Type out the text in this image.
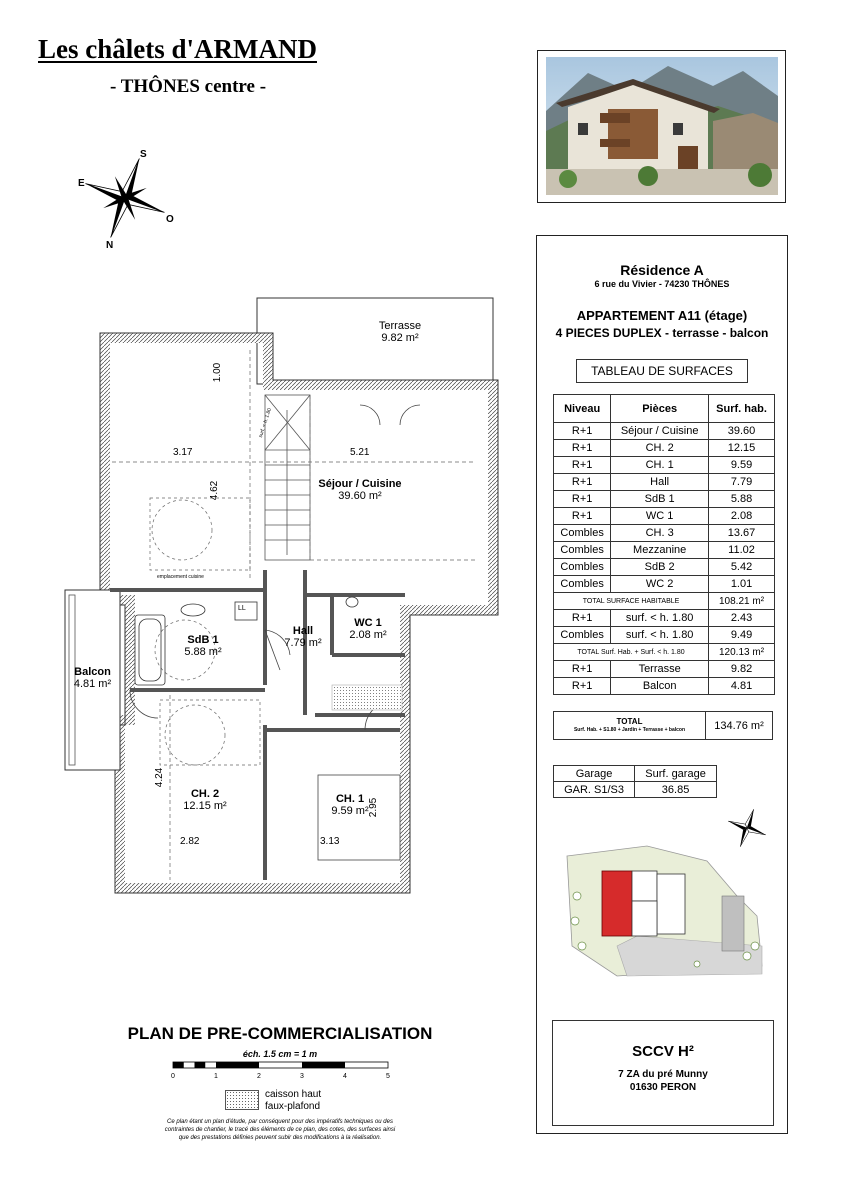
Les châlets d'ARMAND
- THÔNES centre -
S
E
O
N
Terrasse
9.82 m²
Séjour / Cuisine
39.60 m²
SdB 1
5.88 m²
Hall
7.79 m²
WC 1
2.08 m²
Balcon
4.81 m²
CH. 2
12.15 m²
CH. 1
9.59 m²
1.00
3.17	5.21
4.62
4.24
2.82	3.13
2.95
emplacement cuisine
LL
surf. < h. 1.80
Résidence A
6 rue du Vivier - 74230 THÔNES
APPARTEMENT A11 (étage)
4 PIECES DUPLEX - terrasse - balcon
TABLEAU DE SURFACES
Niveau	Pièces	Surf. hab.
R+1	Séjour / Cuisine	39.60
R+1	CH. 2	12.15
R+1	CH. 1	9.59
R+1	Hall	7.79
R+1	SdB 1	5.88
R+1	WC 1	2.08
Combles	CH. 3	13.67
Combles	Mezzanine	11.02
Combles	SdB 2	5.42
Combles	WC 2	1.01
TOTAL SURFACE HABITABLE		108.21 m²
R+1	surf. < h. 1.80	2.43
Combles	surf. < h. 1.80	9.49
TOTAL Surf. Hab. + Surf. < h. 1.80		120.13 m²
R+1	Terrasse	9.82
R+1	Balcon	4.81
TOTAL
Surf. Hab. + S1.80 + Jardin + Terrasse + balcon	134.76 m²
Garage	Surf. garage
GAR. S1/S3	36.85
SCCV H²
7 ZA du pré Munny
01630 PERON
PLAN DE PRE-COMMERCIALISATION
éch. 1.5 cm = 1 m
0	1	2	3	4	5
caisson haut
faux-plafond
Ce plan étant un plan d'étude, par conséquent pour des impératifs techniques ou des contraintes de chantier, le tracé des éléments de ce plan, des cotes, des surfaces ainsi que des prestations définies peuvent subir des modifications à la réalisation.
